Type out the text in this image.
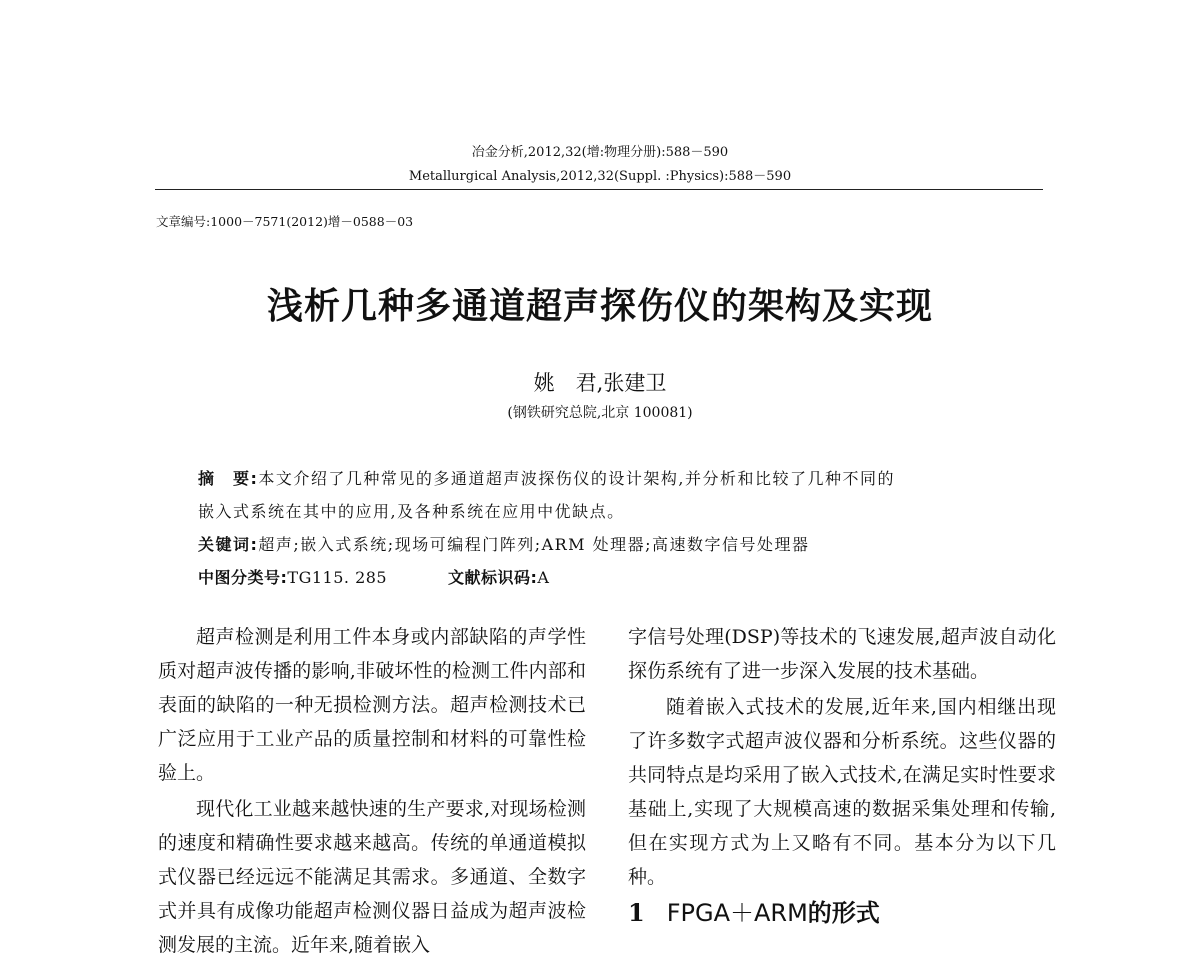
冶金分析,2012,32(增:物理分册):588－590
Metallurgical Analysis,2012,32(Suppl. :Physics):588－590
文章编号:1000－7571(2012)增－0588－03
浅析几种多通道超声探伤仪的架构及实现
姚　君,张建卫
(钢铁研究总院,北京 100081)
摘　要:本文介绍了几种常见的多通道超声波探伤仪的设计架构,并分析和比较了几种不同的
嵌入式系统在其中的应用,及各种系统在应用中优缺点。
关键词:超声;嵌入式系统;现场可编程门阵列;ARM 处理器;高速数字信号处理器
中图分类号:TG115. 285	文献标识码:A

超声检测是利用工件本身或内部缺陷的声学性质对超声波传播的影响,非破坏性的检测工件内部和表面的缺陷的一种无损检测方法。超声检测技术已广泛应用于工业产品的质量控制和材料的可靠性检验上。

现代化工业越来越快速的生产要求,对现场检测的速度和精确性要求越来越高。传统的单通道模拟式仪器已经远远不能满足其需求。多通道、全数字式并具有成像功能超声检测仪器日益成为超声波检测发展的主流。近年来,随着嵌入

字信号处理(DSP)等技术的飞速发展,超声波自动化探伤系统有了进一步深入发展的技术基础。

随着嵌入式技术的发展,近年来,国内相继出现了许多数字式超声波仪器和分析系统。这些仪器的共同特点是均采用了嵌入式技术,在满足实时性要求基础上,实现了大规模高速的数据采集处理和传输,但在实现方式为上又略有不同。基本分为以下几种。

1 FPGA＋ARM的形式
